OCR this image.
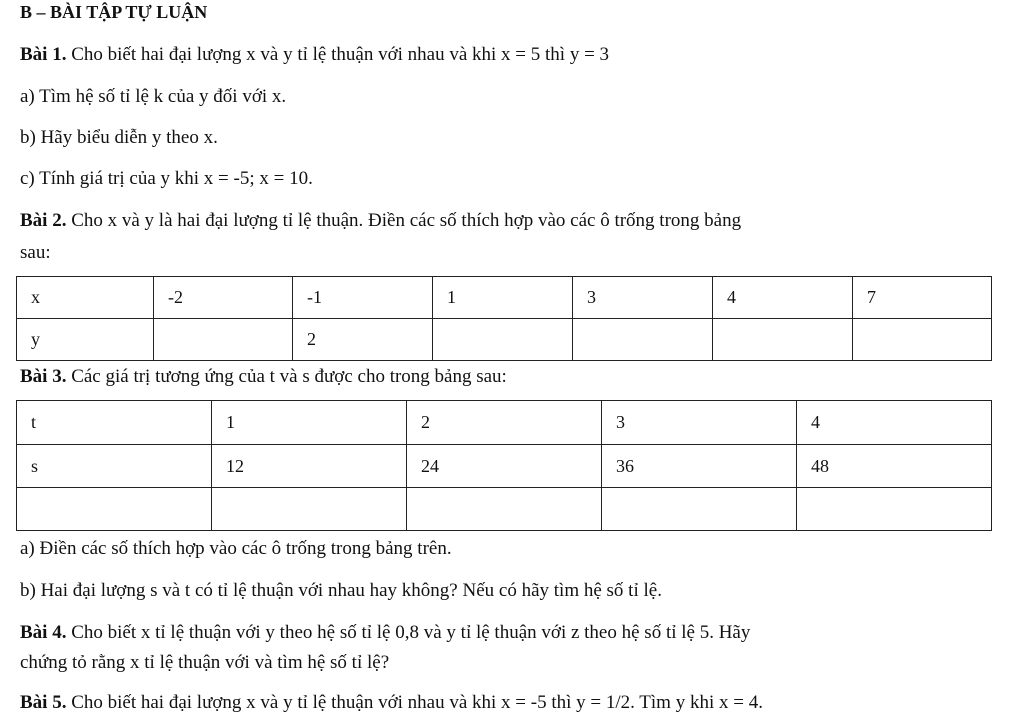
B – BÀI TẬP TỰ LUẬN
Bài 1. Cho biết hai đại lượng x và y tỉ lệ thuận với nhau và khi x = 5 thì y = 3
a) Tìm hệ số tỉ lệ k của y đối với x.
b) Hãy biểu diễn y theo x.
c) Tính giá trị của y khi x = -5; x = 10.
Bài 2. Cho x và y là hai đại lượng tỉ lệ thuận. Điền các số thích hợp vào các ô trống trong bảng
sau:
x	-2	-1	1	3	4	7
y		2				
Bài 3. Các giá trị tương ứng của t và s được cho trong bảng sau:
t	1	2	3	4
s	12	24	36	48

a) Điền các số thích hợp vào các ô trống trong bảng trên.
b) Hai đại lượng s và t có tỉ lệ thuận với nhau hay không? Nếu có hãy tìm hệ số tỉ lệ.
Bài 4. Cho biết x tỉ lệ thuận với y theo hệ số tỉ lệ 0,8 và y tỉ lệ thuận với z theo hệ số tỉ lệ 5. Hãy
chứng tỏ rằng x tỉ lệ thuận với và tìm hệ số tỉ lệ?
Bài 5. Cho biết hai đại lượng x và y tỉ lệ thuận với nhau và khi x = -5 thì y = 1/2. Tìm y khi x = 4.
